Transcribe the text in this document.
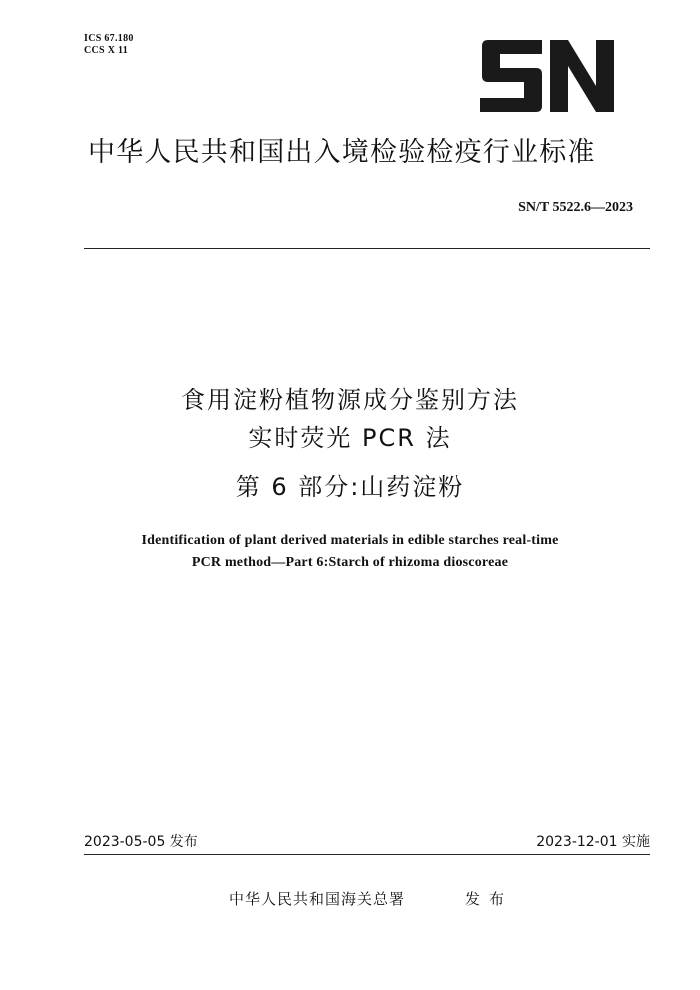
ICS 67.180
CCS X 11
中华人民共和国出入境检验检疫行业标准
SN/T 5522.6—2023
食用淀粉植物源成分鉴别方法
实时荧光 PCR 法
第 6 部分:山药淀粉
Identification of plant derived materials in edible starches real-time
PCR method—Part 6:Starch of rhizoma dioscoreae
2023-05-05 发布	2023-12-01 实施
中华人民共和国海关总署	发布
